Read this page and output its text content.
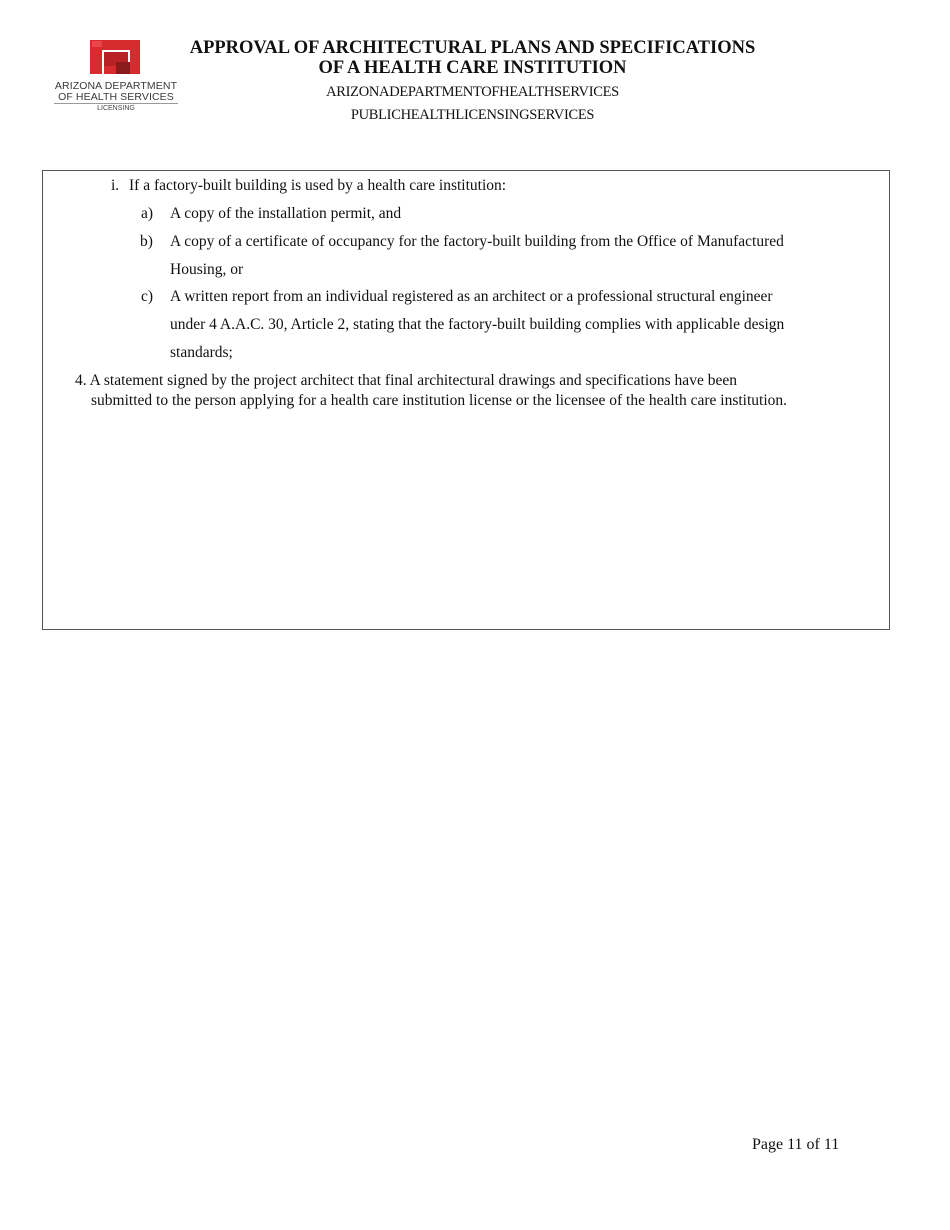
ARIZONA DEPARTMENT
OF HEALTH SERVICES
LICENSING
APPROVAL OF ARCHITECTURAL PLANS AND SPECIFICATIONS
OF A HEALTH CARE INSTITUTION
ARIZONADEPARTMENTOFHEALTHSERVICES
PUBLICHEALTHLICENSINGSERVICES
i. If a factory-built building is used by a health care institution:
a) A copy of the installation permit, and
b) A copy of a certificate of occupancy for the factory-built building from the Office of Manufactured
Housing, or
c) A written report from an individual registered as an architect or a professional structural engineer
under 4 A.A.C. 30, Article 2, stating that the factory-built building complies with applicable design
standards;
4. A statement signed by the project architect that final architectural drawings and specifications have been
submitted to the person applying for a health care institution license or the licensee of the health care institution.
Page 11 of 11
